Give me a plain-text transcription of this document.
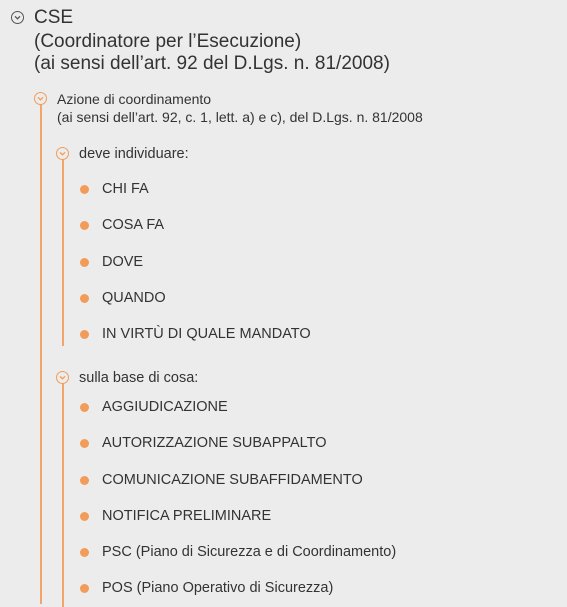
CSE
(Coordinatore per l’Esecuzione)
(ai sensi dell’art. 92 del D.Lgs. n. 81/2008)
Azione di coordinamento
(ai sensi dell’art. 92, c. 1, lett. a) e c), del D.Lgs. n. 81/2008
deve individuare:
CHI FA
COSA FA
DOVE
QUANDO
IN VIRTÙ DI QUALE MANDATO
sulla base di cosa:
AGGIUDICAZIONE
AUTORIZZAZIONE SUBAPPALTO
COMUNICAZIONE SUBAFFIDAMENTO
NOTIFICA PRELIMINARE
PSC (Piano di Sicurezza e di Coordinamento)
POS (Piano Operativo di Sicurezza)
